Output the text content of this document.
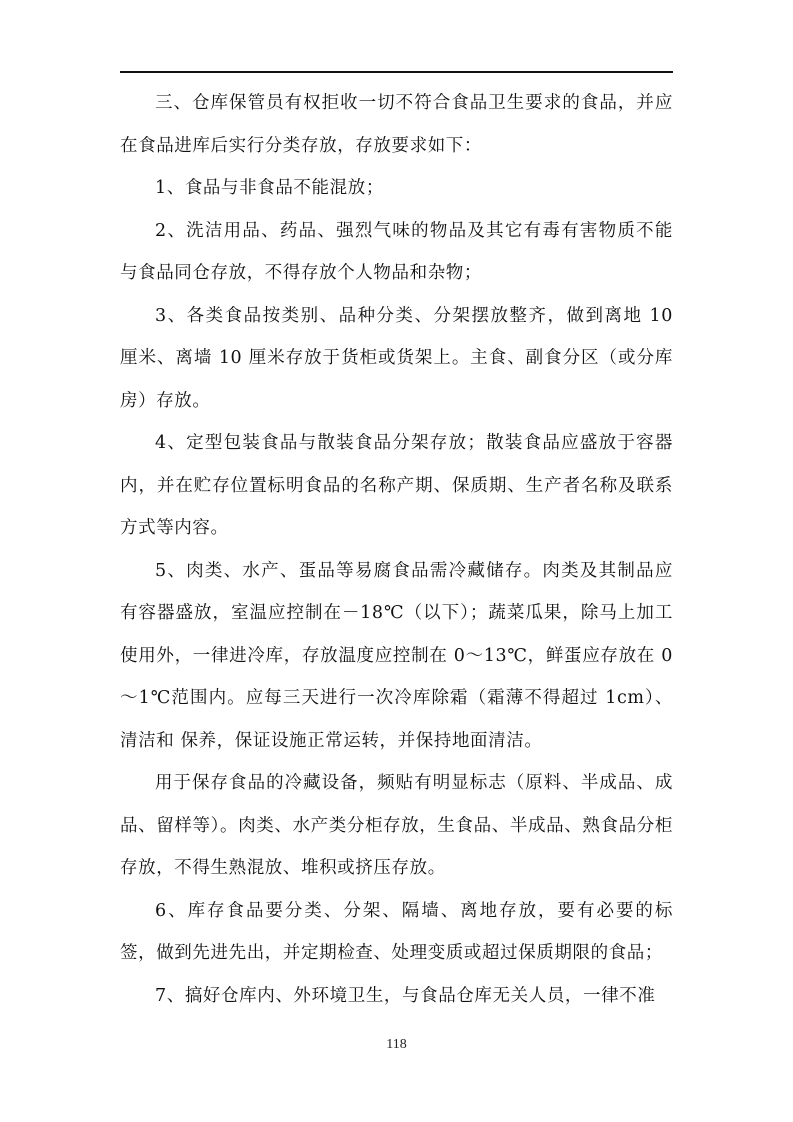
三、仓库保管员有权拒收一切不符合食品卫生要求的食品，并应在食品进库后实行分类存放，存放要求如下：

1、食品与非食品不能混放；

2、洗洁用品、药品、强烈气味的物品及其它有毒有害物质不能与食品同仓存放，不得存放个人物品和杂物；

3、各类食品按类别、品种分类、分架摆放整齐，做到离地 10 厘米、离墙 10 厘米存放于货柜或货架上。主食、副食分区（或分库房）存放。

4、定型包装食品与散装食品分架存放；散装食品应盛放于容器内，并在贮存位置标明食品的名称产期、保质期、生产者名称及联系方式等内容。

5、肉类、水产、蛋品等易腐食品需冷藏储存。肉类及其制品应有容器盛放，室温应控制在－18℃（以下）；蔬菜瓜果，除马上加工使用外，一律进冷库，存放温度应控制在 0～13℃，鲜蛋应存放在 0～1℃范围内。应每三天进行一次冷库除霜（霜薄不得超过 1cm）、清洁和 保养，保证设施正常运转，并保持地面清洁。

用于保存食品的冷藏设备，频贴有明显标志（原料、半成品、成品、留样等）。肉类、水产类分柜存放，生食品、半成品、熟食品分柜存放，不得生熟混放、堆积或挤压存放。

6、库存食品要分类、分架、隔墙、离地存放，要有必要的标签，做到先进先出，并定期检查、处理变质或超过保质期限的食品；

7、搞好仓库内、外环境卫生，与食品仓库无关人员，一律不准

118
